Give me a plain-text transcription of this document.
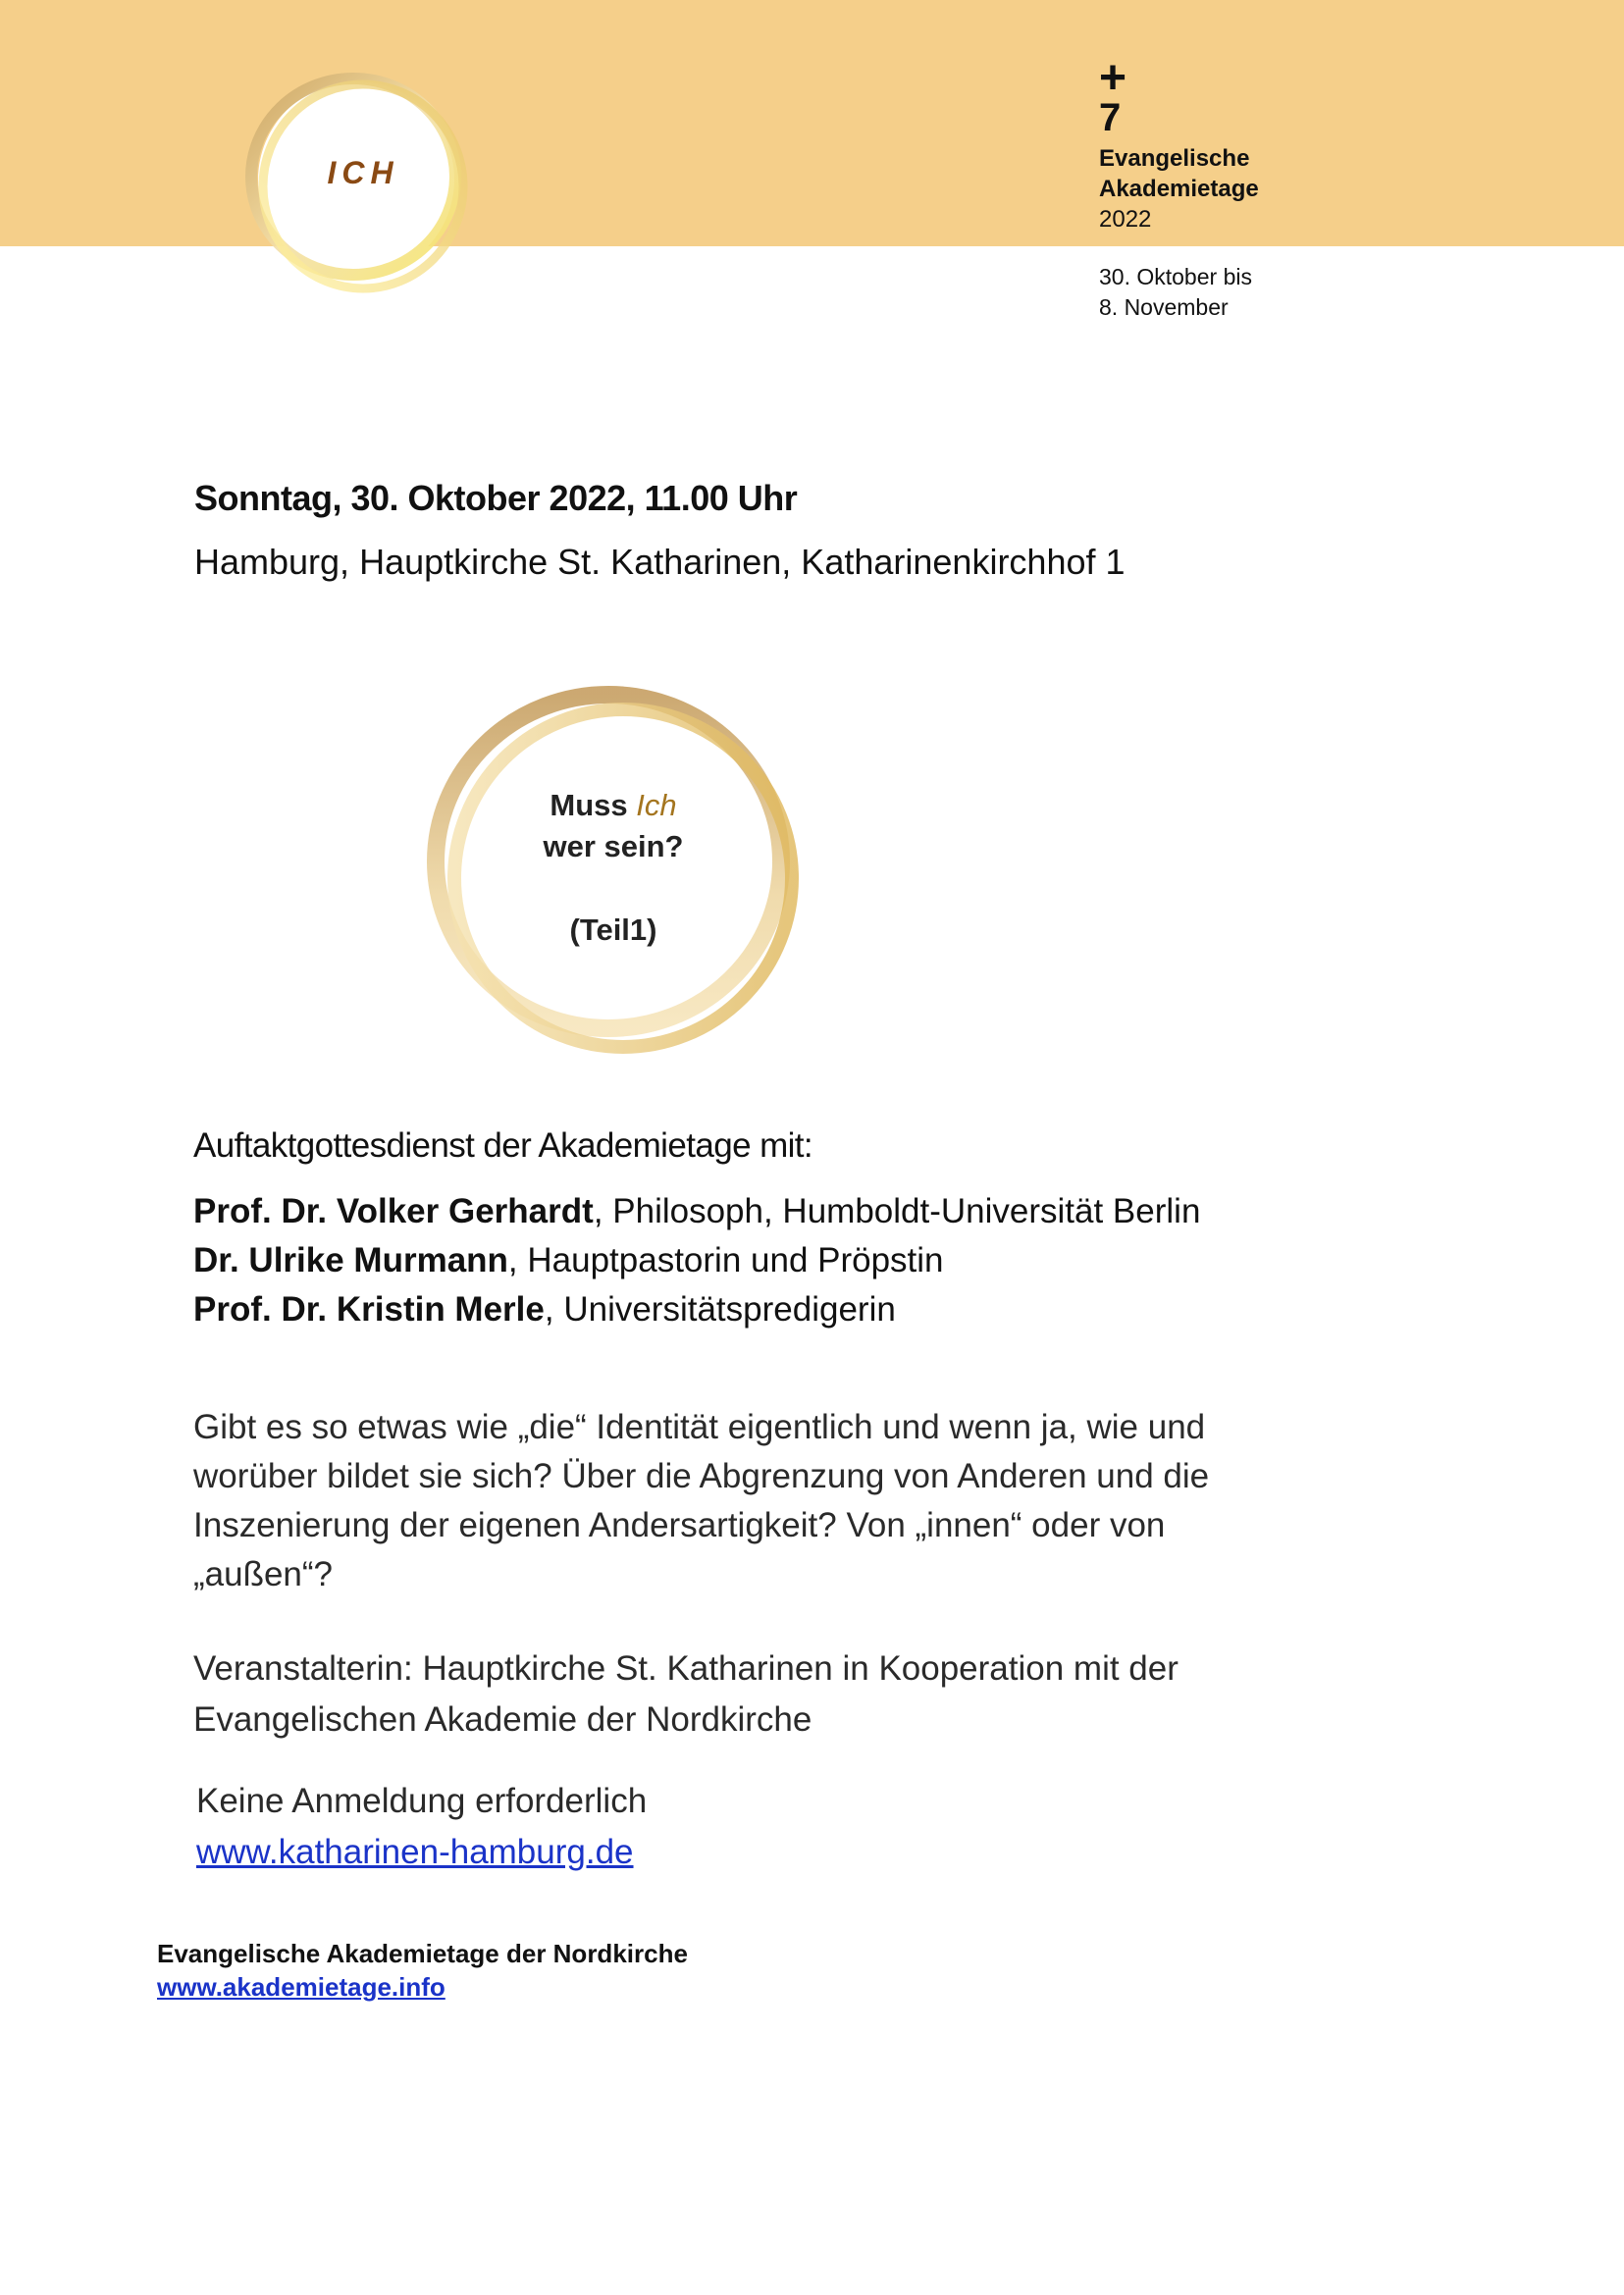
ICH
+
7
Evangelische
Akademietage
2022
30. Oktober bis
8. November
Sonntag, 30. Oktober 2022, 11.00 Uhr
Hamburg, Hauptkirche St. Katharinen, Katharinenkirchhof 1
Muss Ich
wer sein?
(Teil1)
Auftaktgottesdienst der Akademietage mit:
Prof. Dr. Volker Gerhardt, Philosoph, Humboldt-Universität Berlin
Dr. Ulrike Murmann, Hauptpastorin und Pröpstin
Prof. Dr. Kristin Merle, Universitätspredigerin
Gibt es so etwas wie „die“ Identität eigentlich und wenn ja, wie und
worüber bildet sie sich? Über die Abgrenzung von Anderen und die
Inszenierung der eigenen Andersartigkeit? Von „innen“ oder von
„außen“?
Veranstalterin: Hauptkirche St. Katharinen in Kooperation mit der
Evangelischen Akademie der Nordkirche
Keine Anmeldung erforderlich
www.katharinen-hamburg.de
Evangelische Akademietage der Nordkirche
www.akademietage.info
